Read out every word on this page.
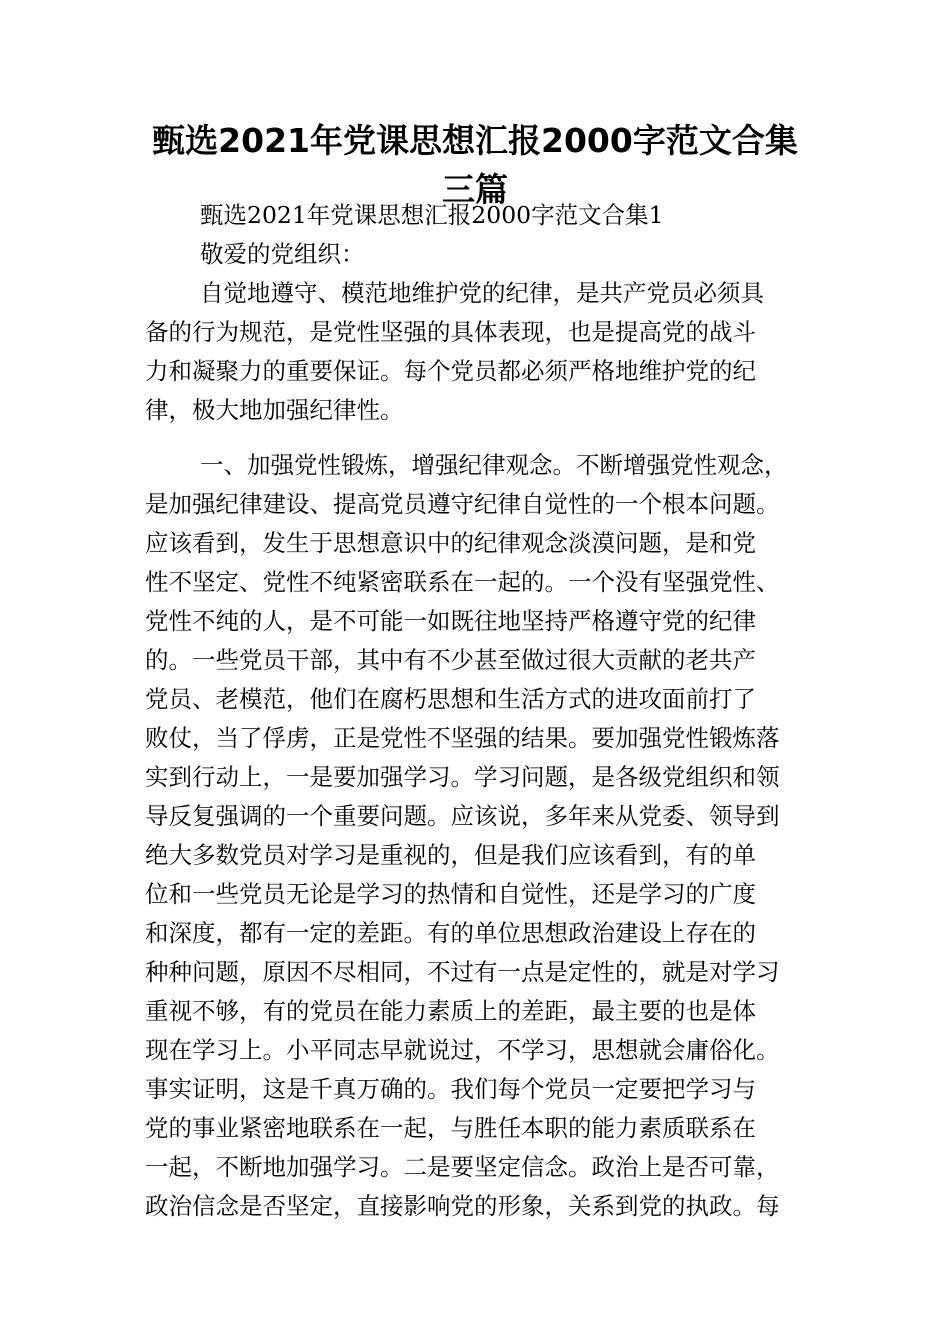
甄选2021年党课思想汇报2000字范文合集
三篇
甄选2021年党课思想汇报2000字范文合集1
敬爱的党组织：
自觉地遵守、模范地维护党的纪律，是共产党员必须具
备的行为规范，是党性坚强的具体表现，也是提高党的战斗
力和凝聚力的重要保证。每个党员都必须严格地维护党的纪
律，极大地加强纪律性。
一、加强党性锻炼，增强纪律观念。不断增强党性观念，
是加强纪律建设、提高党员遵守纪律自觉性的一个根本问题。
应该看到，发生于思想意识中的纪律观念淡漠问题，是和党
性不坚定、党性不纯紧密联系在一起的。一个没有坚强党性、
党性不纯的人，是不可能一如既往地坚持严格遵守党的纪律
的。一些党员干部，其中有不少甚至做过很大贡献的老共产
党员、老模范，他们在腐朽思想和生活方式的进攻面前打了
败仗，当了俘虏，正是党性不坚强的结果。要加强党性锻炼落
实到行动上，一是要加强学习。学习问题，是各级党组织和领
导反复强调的一个重要问题。应该说，多年来从党委、领导到
绝大多数党员对学习是重视的，但是我们应该看到，有的单
位和一些党员无论是学习的热情和自觉性，还是学习的广度
和深度，都有一定的差距。有的单位思想政治建设上存在的
种种问题，原因不尽相同，不过有一点是定性的，就是对学习
重视不够，有的党员在能力素质上的差距，最主要的也是体
现在学习上。小平同志早就说过，不学习，思想就会庸俗化。
事实证明，这是千真万确的。我们每个党员一定要把学习与
党的事业紧密地联系在一起，与胜任本职的能力素质联系在
一起，不断地加强学习。二是要坚定信念。政治上是否可靠，
政治信念是否坚定，直接影响党的形象，关系到党的执政。每
